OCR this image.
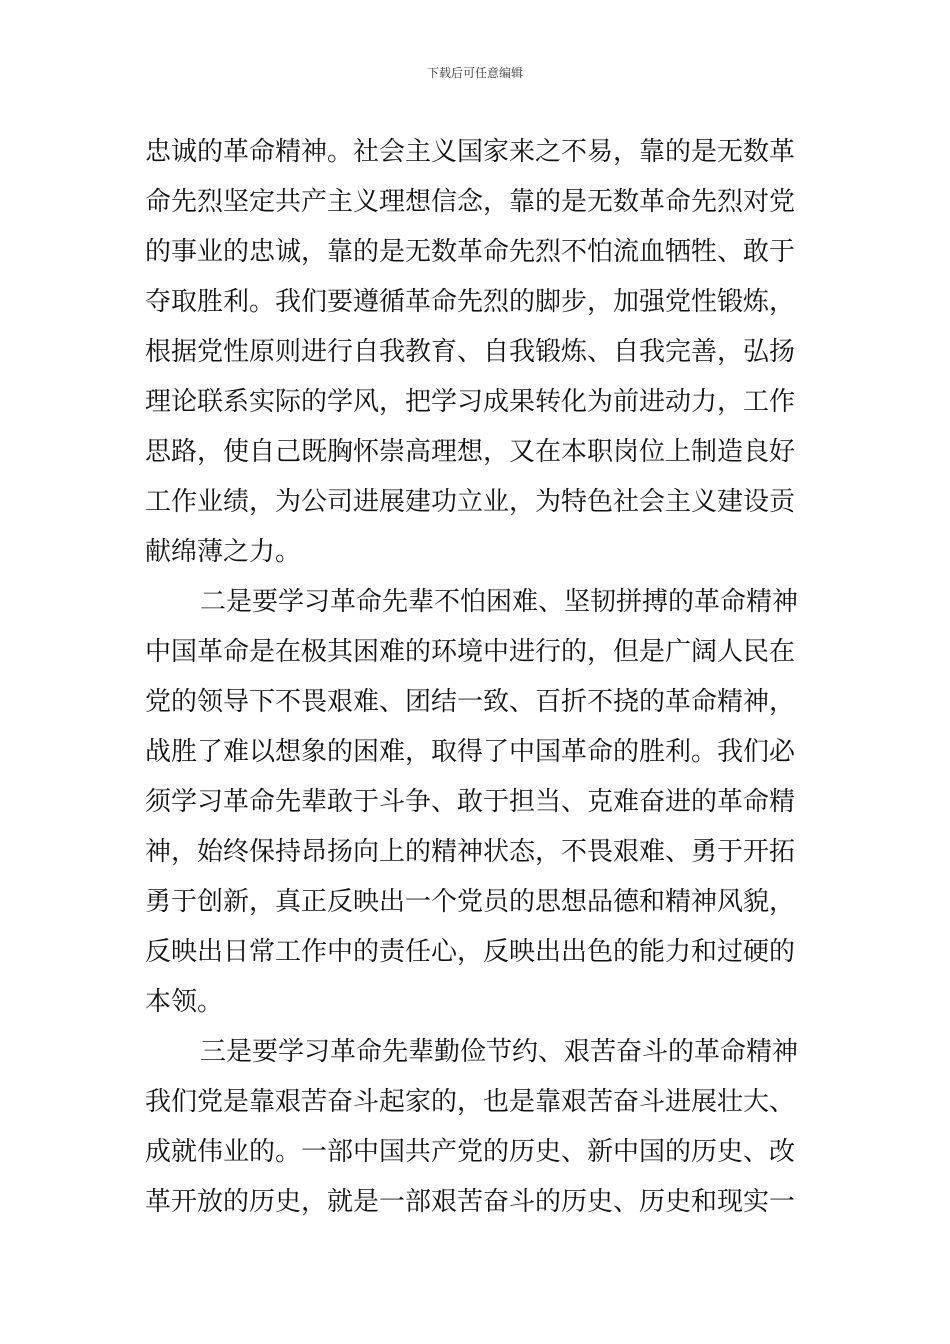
下载后可任意编辑
忠诚的革命精神。社会主义国家来之不易，靠的是无数革
命先烈坚定共产主义理想信念，靠的是无数革命先烈对党
的事业的忠诚，靠的是无数革命先烈不怕流血牺牲、敢于
夺取胜利。我们要遵循革命先烈的脚步，加强党性锻炼，
根据党性原则进行自我教育、自我锻炼、自我完善，弘扬
理论联系实际的学风，把学习成果转化为前进动力，工作
思路，使自己既胸怀崇高理想，又在本职岗位上制造良好
工作业绩，为公司进展建功立业，为特色社会主义建设贡
献绵薄之力。
二是要学习革命先辈不怕困难、坚韧拼搏的革命精神
中国革命是在极其困难的环境中进行的，但是广阔人民在
党的领导下不畏艰难、团结一致、百折不挠的革命精神，
战胜了难以想象的困难，取得了中国革命的胜利。我们必
须学习革命先辈敢于斗争、敢于担当、克难奋进的革命精
神，始终保持昂扬向上的精神状态，不畏艰难、勇于开拓
勇于创新，真正反映出一个党员的思想品德和精神风貌，
反映出日常工作中的责任心，反映出出色的能力和过硬的
本领。
三是要学习革命先辈勤俭节约、艰苦奋斗的革命精神
我们党是靠艰苦奋斗起家的，也是靠艰苦奋斗进展壮大、
成就伟业的。一部中国共产党的历史、新中国的历史、改
革开放的历史，就是一部艰苦奋斗的历史、历史和现实一
